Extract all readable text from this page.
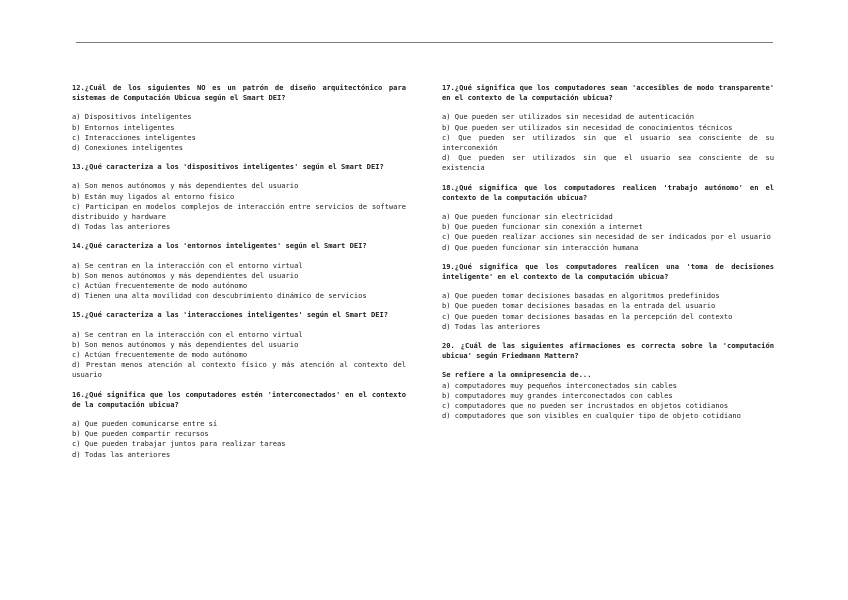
12.¿Cuál de los siguientes NO es un patrón de diseño arquitectónico para sistemas de Computación Ubicua según el Smart DEI?

a) Dispositivos inteligentes
b) Entornos inteligentes
c) Interacciones inteligentes
d) Conexiones inteligentes

13.¿Qué caracteriza a los 'dispositivos inteligentes' según el Smart DEI?

a) Son menos autónomos y más dependientes del usuario
b) Están muy ligados al entorno físico
c) Participan en modelos complejos de interacción entre servicios de software distribuido y hardware
d) Todas las anteriores

14.¿Qué caracteriza a los 'entornos inteligentes' según el Smart DEI?

a) Se centran en la interacción con el entorno virtual
b) Son menos autónomos y más dependientes del usuario
c) Actúan frecuentemente de modo autónomo
d) Tienen una alta movilidad con descubrimiento dinámico de servicios

15.¿Qué caracteriza a las 'interacciones inteligentes' según el Smart DEI?

a) Se centran en la interacción con el entorno virtual
b) Son menos autónomos y más dependientes del usuario
c) Actúan frecuentemente de modo autónomo
d) Prestan menos atención al contexto físico y más atención al contexto del usuario

16.¿Qué significa que los computadores estén 'interconectados' en el contexto de la computación ubicua?

a) Que pueden comunicarse entre sí
b) Que pueden compartir recursos
c) Que pueden trabajar juntos para realizar tareas
d) Todas las anteriores

17.¿Qué significa que los computadores sean 'accesibles de modo transparente' en el contexto de la computación ubicua?

a) Que pueden ser utilizados sin necesidad de autenticación
b) Que pueden ser utilizados sin necesidad de conocimientos técnicos
c) Que pueden ser utilizados sin que el usuario sea consciente de su interconexión
d) Que pueden ser utilizados sin que el usuario sea consciente de su existencia

18.¿Qué significa que los computadores realicen 'trabajo autónomo' en el contexto de la computación ubicua?

a) Que pueden funcionar sin electricidad
b) Que pueden funcionar sin conexión a internet
c) Que pueden realizar acciones sin necesidad de ser indicados por el usuario
d) Que pueden funcionar sin interacción humana

19.¿Qué significa que los computadores realicen una 'toma de decisiones inteligente' en el contexto de la computación ubicua?

a) Que pueden tomar decisiones basadas en algoritmos predefinidos
b) Que pueden tomar decisiones basadas en la entrada del usuario
c) Que pueden tomar decisiones basadas en la percepción del contexto
d) Todas las anteriores

20. ¿Cuál de las siguientes afirmaciones es correcta sobre la 'computación ubicua' según Friedmann Mattern?

Se refiere a la omnipresencia de...

a) computadores muy pequeños interconectados sin cables
b) computadores muy grandes interconectados con cables
c) computadores que no pueden ser incrustados en objetos cotidianos
d) computadores que son visibles en cualquier tipo de objeto cotidiano
